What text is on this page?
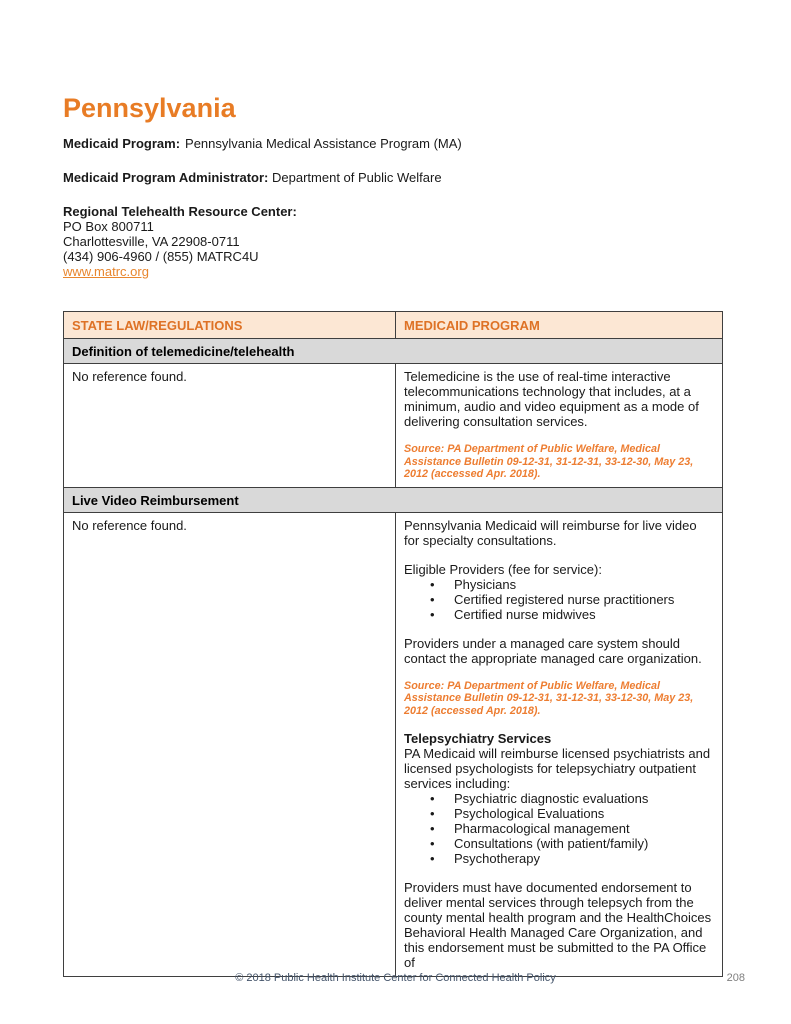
Pennsylvania

Medicaid Program: Pennsylvania Medical Assistance Program (MA)

Medicaid Program Administrator: Department of Public Welfare

Regional Telehealth Resource Center:

PO Box 800711

Charlottesville, VA 22908-0711

(434) 906-4960 / (855) MATRC4U

www.matrc.org

STATE LAW/REGULATIONS	MEDICAID PROGRAM
Definition of telemedicine/telehealth	

No reference found.	Telemedicine is the use of real-time interactive telecommunications technology that includes, at a minimum, audio and video equipment as a mode of delivering consultation services.

Source: PA Department of Public Welfare, Medical Assistance Bulletin 09-12-31, 31-12-31, 33-12-30, May 23, 2012 (accessed Apr. 2018).

Live Video Reimbursement	

No reference found.	Pennsylvania Medicaid will reimburse for live video for specialty consultations.

Eligible Providers (fee for service):

• Physicians
• Certified registered nurse practitioners
• Certified nurse midwives

Providers under a managed care system should contact the appropriate managed care organization.

Source: PA Department of Public Welfare, Medical Assistance Bulletin 09-12-31, 31-12-31, 33-12-30, May 23, 2012 (accessed Apr. 2018).

Telepsychiatry Services

PA Medicaid will reimburse licensed psychiatrists and licensed psychologists for telepsychiatry outpatient services including:

• Psychiatric diagnostic evaluations
• Psychological Evaluations
• Pharmacological management
• Consultations (with patient/family)
• Psychotherapy

Providers must have documented endorsement to deliver mental services through telepsych from the county mental health program and the HealthChoices Behavioral Health Managed Care Organization, and this endorsement must be submitted to the PA Office of

© 2018 Public Health Institute Center for Connected Health Policy	208
